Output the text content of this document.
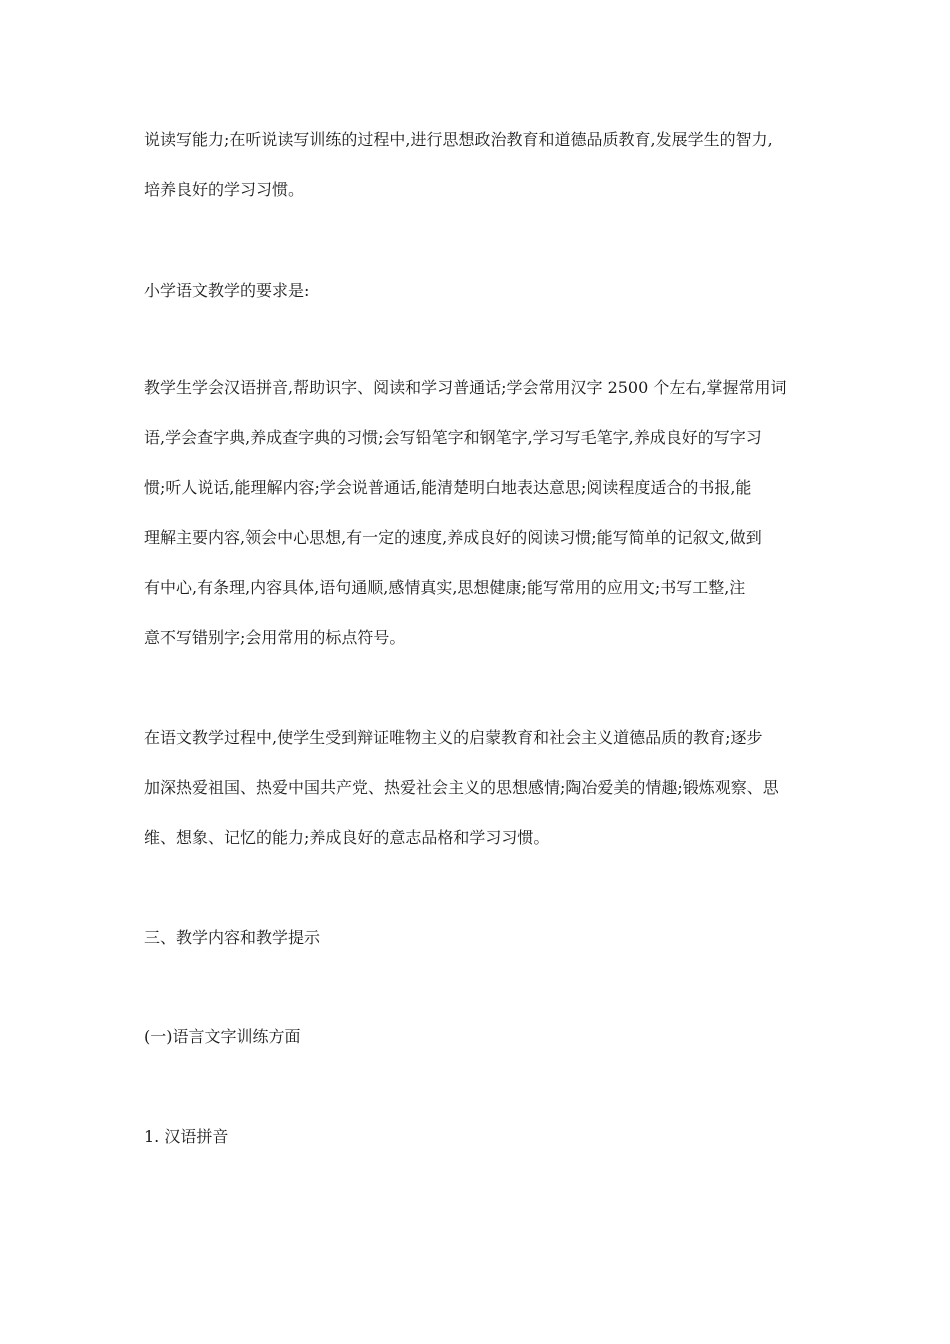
说读写能力;在听说读写训练的过程中,进行思想政治教育和道德品质教育,发展学生的智力,
培养良好的学习习惯。
小学语文教学的要求是:
教学生学会汉语拼音,帮助识字、阅读和学习普通话;学会常用汉字 2500 个左右,掌握常用词
语,学会查字典,养成查字典的习惯;会写铅笔字和钢笔字,学习写毛笔字,养成良好的写字习
惯;听人说话,能理解内容;学会说普通话,能清楚明白地表达意思;阅读程度适合的书报,能
理解主要内容,领会中心思想,有一定的速度,养成良好的阅读习惯;能写简单的记叙文,做到
有中心,有条理,内容具体,语句通顺,感情真实,思想健康;能写常用的应用文;书写工整,注
意不写错别字;会用常用的标点符号。
在语文教学过程中,使学生受到辩证唯物主义的启蒙教育和社会主义道德品质的教育;逐步
加深热爱祖国、热爱中国共产党、热爱社会主义的思想感情;陶冶爱美的情趣;锻炼观察、思
维、想象、记忆的能力;养成良好的意志品格和学习习惯。
三、教学内容和教学提示
(一)语言文字训练方面
1. 汉语拼音
